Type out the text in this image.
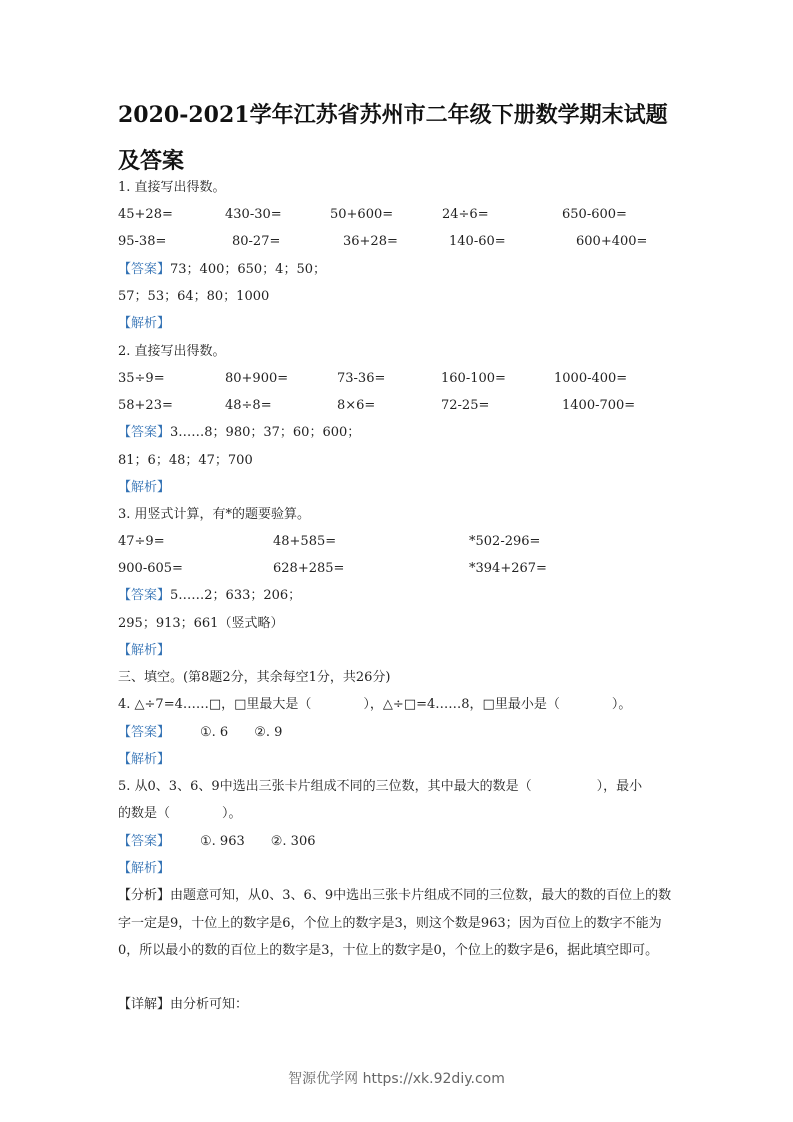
2020-2021学年江苏省苏州市二年级下册数学期末试题及答案
1. 直接写出得数。
45+28=	430-30=	50+600=	24÷6=	650-600=
95-38=	80-27=	36+28=	140-60=	600+400=
【答案】73；400；650；4；50；
57；53；64；80；1000
【解析】
2. 直接写出得数。
35÷9=	80+900=	73-36=	160-100=	1000-400=
58+23=	48÷8=	8×6=	72-25=	1400-700=
【答案】3……8；980；37；60；600；
81；6；48；47；700
【解析】
3. 用竖式计算，有*的题要验算。
47÷9=	48+585=	*502-296=
900-605=	628+285=	*394+267=
【答案】5……2；633；206；
295；913；661（竖式略）
【解析】
三、填空。(第8题2分，其余每空1分，共26分)
4. △÷7=4……□，□里最大是（　　　　），△÷□=4……8，□里最小是（　　　　）。
【答案】 ①. 6　　②. 9
【解析】
5. 从0、3、6、9中选出三张卡片组成不同的三位数，其中最大的数是（　　　　　），最小
的数是（　　　　）。
【答案】 ①. 963　　②. 306
【解析】
【分析】由题意可知，从0、3、6、9中选出三张卡片组成不同的三位数，最大的数的百位上的数字一定是9，十位上的数字是6，个位上的数字是3，则这个数是963；因为百位上的数字不能为0，所以最小的数的百位上的数字是3，十位上的数字是0，个位上的数字是6，据此填空即可。
【详解】由分析可知：
智源优学网 https://xk.92diy.com
